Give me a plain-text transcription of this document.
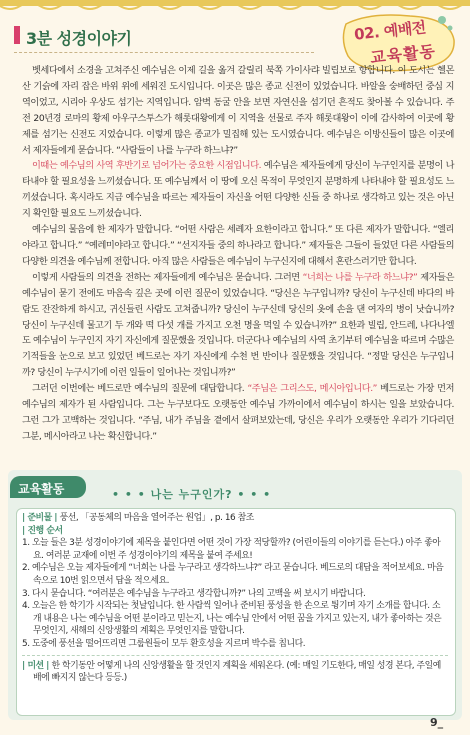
3분 성경이야기	02. 예배전
교육활동

벳세다에서 소경을 고쳐주신 예수님은 이제 길을 옮겨 갈릴리 북쪽 가이사랴 빌립보로 향합니다. 이 도시는 헬몬산 기슭에 자리 잡은 바위 위에 세워진 도시입니다. 이곳은 많은 종교 신전이 있었습니다. 바알을 숭배하던 중심 지역이었고, 시리아 우상도 섬기는 지역입니다. 암벽 동굴 안을 보면 자연신을 섬기던 흔적도 찾아볼 수 있습니다. 주전 20년경 로마의 황제 아우구스투스가 해롯대왕에게 이 지역을 선물로 주자 해롯대왕이 이에 감사하여 이곳에 황제를 섬기는 신전도 지었습니다. 이렇게 많은 종교가 밀집해 있는 도시였습니다. 예수님은 이방신들이 많은 이곳에서 제자들에게 묻습니다. “사람들이 나를 누구라 하느냐?”

이때는 예수님의 사역 후반기로 넘어가는 중요한 시점입니다. 예수님은 제자들에게 당신이 누구인지를 분명이 나타내야 할 필요성을 느끼셨습니다. 또 예수님께서 이 땅에 오신 목적이 무엇인지 분명하게 나타내야 할 필요성도 느끼셨습니다. 혹시라도 지금 예수님을 따르는 제자들이 자신을 어떤 다양한 신들 중 하나로 생각하고 있는 것은 아닌지 확인할 필요도 느끼셨습니다.

예수님의 물음에 한 제자가 말합니다. “어떤 사람은 세례자 요한이라고 합니다.” 또 다른 제자가 말합니다. “엘리야라고 합니다.” “예레미야라고 합니다.” “선지자들 중의 하나라고 합니다.” 제자들은 그들이 들었던 다른 사람들의 다양한 의견을 예수님께 전합니다. 아직 많은 사람들은 예수님이 누구신지에 대해서 혼란스러기만 합니다.

이렇게 사람들의 의견을 전하는 제자들에게 예수님은 묻습니다. 그러면 “너희는 나를 누구라 하느냐?” 제자들은 예수님이 묻기 전에도 마음속 깊은 곳에 이런 질문이 있었습니다. “당신은 누구입니까? 당신이 누구신데 바다의 바람도 잔잔하게 하시고, 귀신들린 사람도 고쳐줍니까? 당신이 누구신데 당신의 옷에 손을 댄 여자의 병이 낫습니까? 당신이 누구신데 물고기 두 개와 떡 다섯 개를 가지고 오천 명을 먹일 수 있습니까?” 요한과 빌립, 안드레, 나다나엘도 예수님이 누구인지 자기 자신에게 질문했을 것입니다. 더군다나 예수님의 사역 초기부터 예수님을 따르며 수많은 기적들을 눈으로 보고 있었던 베드로는 자기 자신에게 수천 번 반이나 질문했을 것입니다. “정말 당신은 누구입니까? 당신이 누구시기에 이런 일들이 일어나는 것입니까?”

그러던 이번에는 베드로만 예수님의 질문에 대답합니다. “주님은 그리스도, 메시아입니다.” 베드로는 가장 먼저 예수님의 제자가 된 사람입니다. 그는 누구보다도 오랫동안 예수님 가까이에서 예수님이 하시는 일을 보았습니다. 그런 그가 고백하는 것입니다. “주님, 내가 주님을 곁에서 살펴보았는데, 당신은 우리가 오랫동안 우리가 기다리던 그분, 메시아라고 나는 확신합니다.”

교육활동	• • • 나는 누구인가? • • •
| 준비물 | 풍선, 「공동체의 마음을 열어주는 원업」, p. 16 참조
| 진행 순서
1. 오늘 들은 3분 성경이야기에 제목을 붙인다면 어떤 것이 가장 적당할까? (어린이들의 이야기를 듣는다.) 아주 좋아요. 여러분 교재에 이번 주 성경이야기의 제목을 붙여 주세요!
2. 예수님은 오늘 제자들에게 “너희는 나를 누구라고 생각하느냐?” 라고 묻습니다. 베드로의 대답을 적어보세요. 마음속으로 10번 읽으면서 답을 적으세요.
3. 다시 묻습니다. “여러분은 예수님을 누구라고 생각합니까?” 나의 고백을 써 보시기 바랍니다.
4. 오늘은 한 학기가 시작되는 첫날입니다. 한 사람씩 일어나 준비된 풍성을 한 손으로 튕기며 자기 소개를 합니다. 소개 내용은 나는 예수님을 어떤 분이라고 믿는지, 나는 예수님 안에서 어떤 꿈을 가지고 있는지, 내가 좋아하는 것은 무엇인지, 새해의 신앙생활의 계획은 무엇인지를 말합니다.
5. 도중에 풍선을 떨어뜨리면 그룹원들이 모두 환호성을 지르며 박수를 칩니다.
| 미션 | 한 학기동안 어떻게 나의 신앙생활을 할 것인지 계획을 세워온다. (예: 매일 기도한다, 매일 성경 본다, 주일예배에 빠지지 않는다 등등.)
9_
